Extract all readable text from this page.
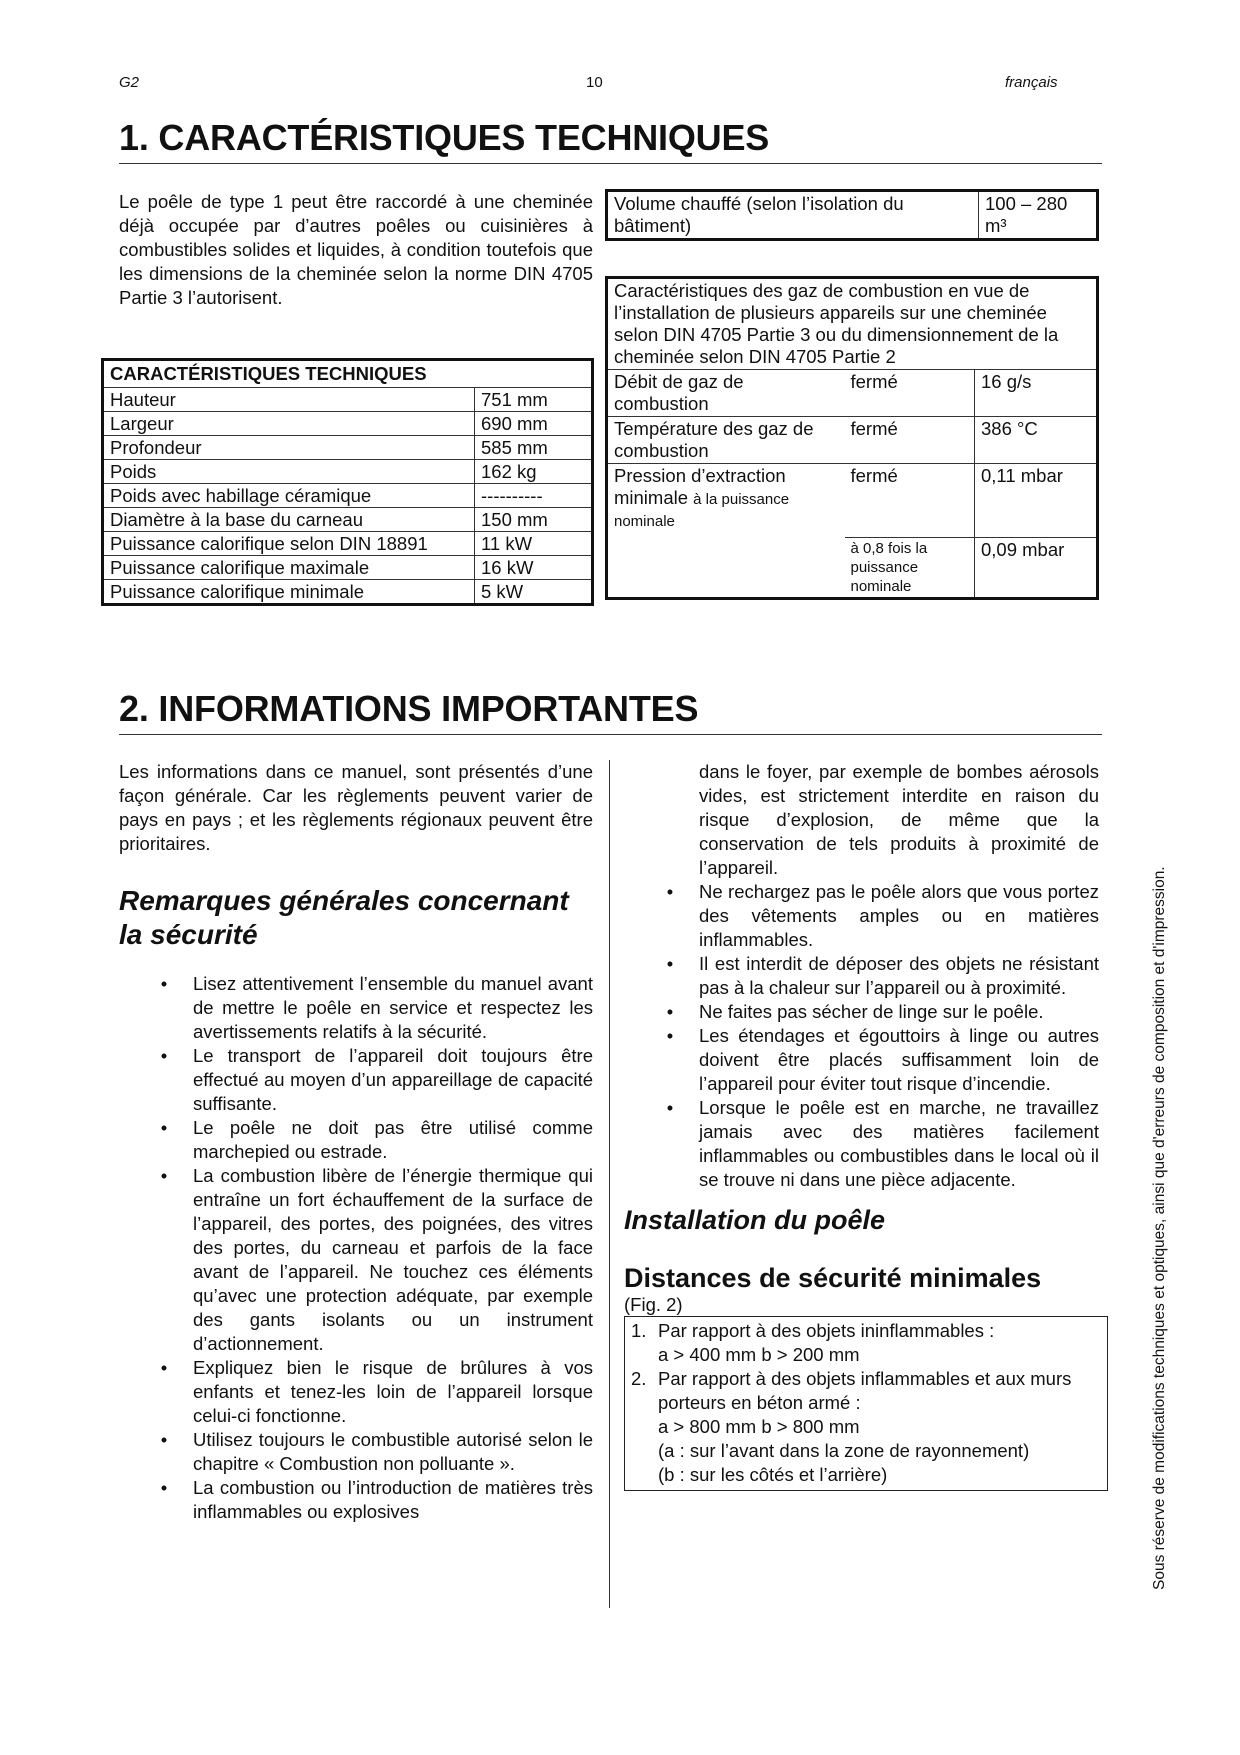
G2	10	français
1. CARACTÉRISTIQUES TECHNIQUES
Le poêle de type 1 peut être raccordé à une cheminée déjà occupée par d’autres poêles ou cuisinières à combustibles solides et liquides, à condition toutefois que les dimensions de la cheminée selon la norme DIN 4705 Partie 3 l’autorisent.
CARACTÉRISTIQUES TECHNIQUES	
Hauteur	751 mm
Largeur	690 mm
Profondeur	585 mm
Poids	162 kg
Poids avec habillage céramique	----------
Diamètre à la base du carneau	150 mm
Puissance calorifique selon DIN 18891	11 kW
Puissance calorifique maximale	16 kW
Puissance calorifique minimale	5 kW
Volume chauffé (selon l’isolation du bâtiment)	100 – 280 m³
Caractéristiques des gaz de combustion en vue de l’installation de plusieurs appareils sur une cheminée selon DIN 4705 Partie 3 ou du dimensionnement de la cheminée selon DIN 4705 Partie 2		
Débit de gaz de combustion	fermé	16 g/s
Température des gaz de combustion	fermé	386 °C
Pression d’extraction minimale à la puissance nominale	fermé	0,11 mbar
	à 0,8 fois la puissance nominale	0,09 mbar
2. INFORMATIONS IMPORTANTES
Les informations dans ce manuel, sont présentés d’une façon générale. Car les règlements peuvent varier de pays en pays ; et les règlements régionaux peuvent être prioritaires.
Remarques générales concernant la sécurité
• Lisez attentivement l’ensemble du manuel avant de mettre le poêle en service et respectez les avertissements relatifs à la sécurité.
• Le transport de l’appareil doit toujours être effectué au moyen d’un appareillage de capacité suffisante.
• Le poêle ne doit pas être utilisé comme marchepied ou estrade.
• La combustion libère de l’énergie thermique qui entraîne un fort échauffement de la surface de l’appareil, des portes, des poignées, des vitres des portes, du carneau et parfois de la face avant de l’appareil. Ne touchez ces éléments qu’avec une protection adéquate, par exemple des gants isolants ou un instrument d’actionnement.
• Expliquez bien le risque de brûlures à vos enfants et tenez-les loin de l’appareil lorsque celui-ci fonctionne.
• Utilisez toujours le combustible autorisé selon le chapitre « Combustion non polluante ».
• La combustion ou l’introduction de matières très inflammables ou explosives
dans le foyer, par exemple de bombes aérosols vides, est strictement interdite en raison du risque d’explosion, de même que la conservation de tels produits à proximité de l’appareil.
• Ne rechargez pas le poêle alors que vous portez des vêtements amples ou en matières inflammables.
• Il est interdit de déposer des objets ne résistant pas à la chaleur sur l’appareil ou à proximité.
• Ne faites pas sécher de linge sur le poêle.
• Les étendages et égouttoirs à linge ou autres doivent être placés suffisamment loin de l’appareil pour éviter tout risque d’incendie.
• Lorsque le poêle est en marche, ne travaillez jamais avec des matières facilement inflammables ou combustibles dans le local où il se trouve ni dans une pièce adjacente.
Installation du poêle
Distances de sécurité minimales
(Fig. 2)
1. Par rapport à des objets ininflammables :
a > 400 mm b > 200 mm
2. Par rapport à des objets inflammables et aux murs porteurs en béton armé :
a > 800 mm b > 800 mm
(a : sur l’avant dans la zone de rayonnement)
(b : sur les côtés et l’arrière)	Sous réserve de modifications techniques et optiques, ainsi que d'erreurs de composition et d'impression.
